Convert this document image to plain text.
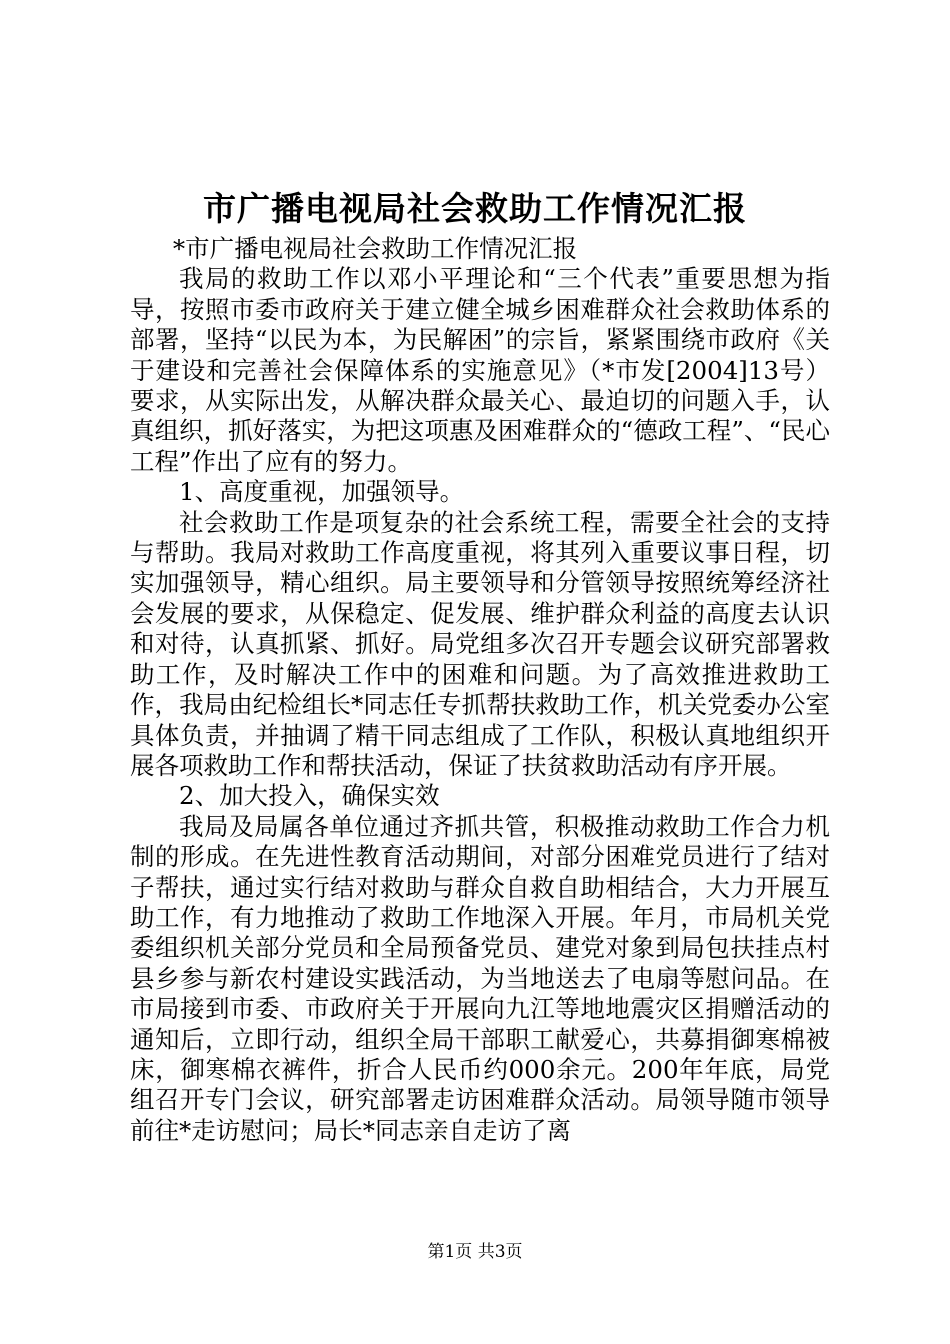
市广播电视局社会救助工作情况汇报

*市广播电视局社会救助工作情况汇报

我局的救助工作以邓小平理论和“三个代表”重要思想为指导，按照市委市政府关于建立健全城乡困难群众社会救助体系的部署，坚持“以民为本，为民解困”的宗旨，紧紧围绕市政府《关于建设和完善社会保障体系的实施意见》（*市发[2004]13号）要求，从实际出发，从解决群众最关心、最迫切的问题入手，认真组织，抓好落实，为把这项惠及困难群众的“德政工程”、“民心工程”作出了应有的努力。

1、高度重视，加强领导。

社会救助工作是项复杂的社会系统工程，需要全社会的支持与帮助。我局对救助工作高度重视，将其列入重要议事日程，切实加强领导，精心组织。局主要领导和分管领导按照统筹经济社会发展的要求，从保稳定、促发展、维护群众利益的高度去认识和对待，认真抓紧、抓好。局党组多次召开专题会议研究部署救助工作，及时解决工作中的困难和问题。为了高效推进救助工作，我局由纪检组长*同志任专抓帮扶救助工作，机关党委办公室具体负责，并抽调了精干同志组成了工作队，积极认真地组织开展各项救助工作和帮扶活动，保证了扶贫救助活动有序开展。

2、加大投入，确保实效

我局及局属各单位通过齐抓共管，积极推动救助工作合力机制的形成。在先进性教育活动期间，对部分困难党员进行了结对子帮扶，通过实行结对救助与群众自救自助相结合，大力开展互助工作，有力地推动了救助工作地深入开展。年月，市局机关党委组织机关部分党员和全局预备党员、建党对象到局包扶挂点村县乡参与新农村建设实践活动，为当地送去了电扇等慰问品。在市局接到市委、市政府关于开展向九江等地地震灾区捐赠活动的通知后，立即行动，组织全局干部职工献爱心，共募捐御寒棉被床，御寒棉衣裤件，折合人民币约000余元。200年年底，局党组召开专门会议，研究部署走访困难群众活动。局领导随市领导前往*走访慰问；局长*同志亲自走访了离

第1页 共3页
